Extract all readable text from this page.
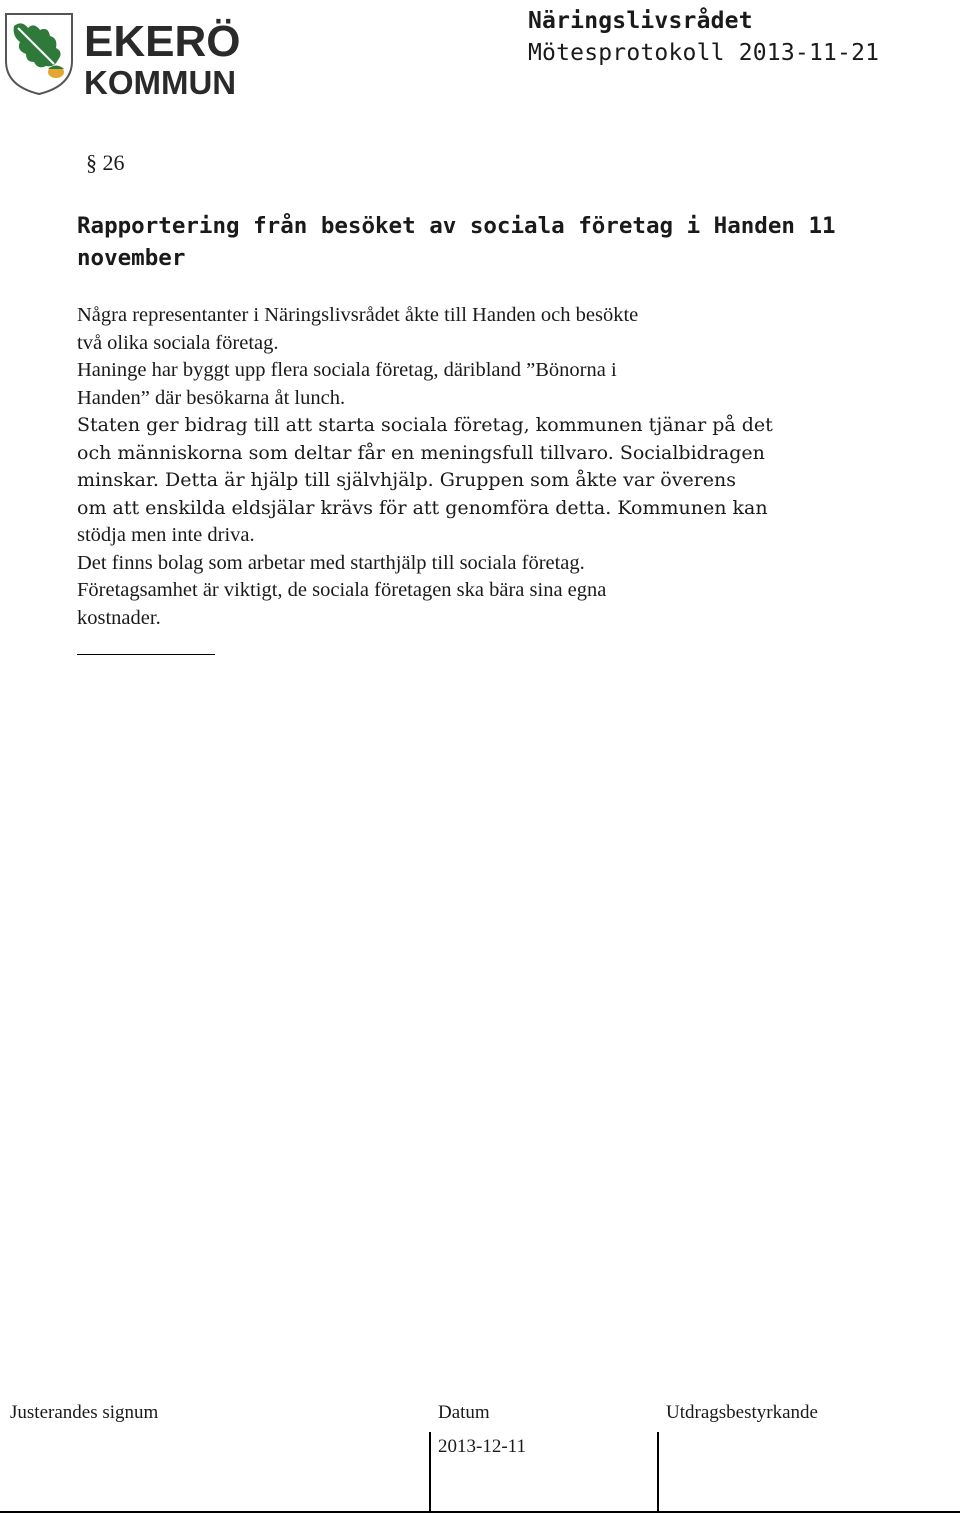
EKERÖ
KOMMUN
Näringslivsrådet
Mötesprotokoll 2013-11-21
§ 26
Rapportering från besöket av sociala företag i Handen 11
november
Några representanter i Näringslivsrådet åkte till Handen och besökte
två olika sociala företag.
Haninge har byggt upp flera sociala företag, däribland ”Bönorna i
Handen” där besökarna åt lunch.
Staten ger bidrag till att starta sociala företag, kommunen tjänar på det
och människorna som deltar får en meningsfull tillvaro. Socialbidragen
minskar. Detta är hjälp till självhjälp. Gruppen som åkte var överens
om att enskilda eldsjälar krävs för att genomföra detta. Kommunen kan
stödja men inte driva.
Det finns bolag som arbetar med starthjälp till sociala företag.
Företagsamhet är viktigt, de sociala företagen ska bära sina egna
kostnader.
Justerandes signum	Datum	Utdragsbestyrkande
2013-12-11
